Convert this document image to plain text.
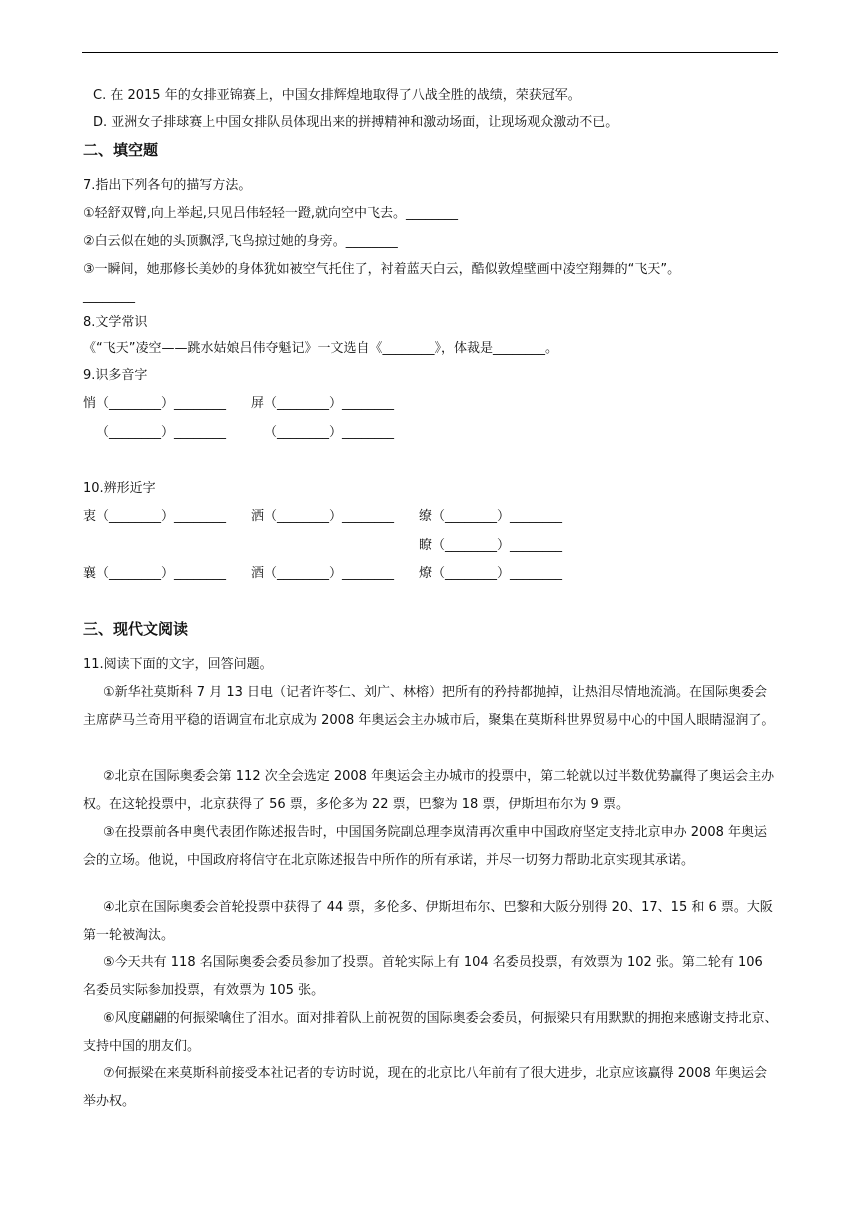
C. 在 2015 年的女排亚锦赛上，中国女排辉煌地取得了八战全胜的战绩，荣获冠军。
D. 亚洲女子排球赛上中国女排队员体现出来的拼搏精神和激动场面，让现场观众激动不已。
二、填空题
7.指出下列各句的描写方法。
①轻舒双臂,向上举起,只见吕伟轻轻一蹬,就向空中飞去。________
②白云似在她的头顶飘浮,飞鸟掠过她的身旁。________
③一瞬间，她那修长美妙的身体犹如被空气托住了，衬着蓝天白云，酷似敦煌壁画中凌空翔舞的“飞天”。
________
8.文学常识
《“飞天”凌空——跳水姑娘吕伟夺魁记》一文选自《________》，体裁是________。
9.识多音字
悄（________）________ 屏（________）________
（________）________	（________）________
10.辨形近字
衷（________）________ 洒（________）________ 缭（________）________
瞭（________）________
襄（________）________ 酒（________）________ 燎（________）________
三、现代文阅读
11.阅读下面的文字，回答问题。
①新华社莫斯科 7 月 13 日电（记者许苓仁、刘广、林榕）把所有的矜持都抛掉，让热泪尽情地流淌。在国际奥委会主席萨马兰奇用平稳的语调宣布北京成为 2008 年奥运会主办城市后，聚集在莫斯科世界贸易中心的中国人眼睛湿润了。
②北京在国际奥委会第 112 次全会选定 2008 年奥运会主办城市的投票中，第二轮就以过半数优势赢得了奥运会主办权。在这轮投票中，北京获得了 56 票，多伦多为 22 票，巴黎为 18 票，伊斯坦布尔为 9 票。
③在投票前各申奥代表团作陈述报告时，中国国务院副总理李岚清再次重申中国政府坚定支持北京申办 2008 年奥运会的立场。他说，中国政府将信守在北京陈述报告中所作的所有承诺，并尽一切努力帮助北京实现其承诺。
④北京在国际奥委会首轮投票中获得了 44 票，多伦多、伊斯坦布尔、巴黎和大阪分别得 20、17、15 和 6 票。大阪第一轮被淘汰。
⑤今天共有 118 名国际奥委会委员参加了投票。首轮实际上有 104 名委员投票，有效票为 102 张。第二轮有 106 名委员实际参加投票，有效票为 105 张。
⑥风度翩翩的何振梁噙住了泪水。面对排着队上前祝贺的国际奥委会委员，何振梁只有用默默的拥抱来感谢支持北京、支持中国的朋友们。
⑦何振梁在来莫斯科前接受本社记者的专访时说，现在的北京比八年前有了很大进步，北京应该赢得 2008 年奥运会举办权。
